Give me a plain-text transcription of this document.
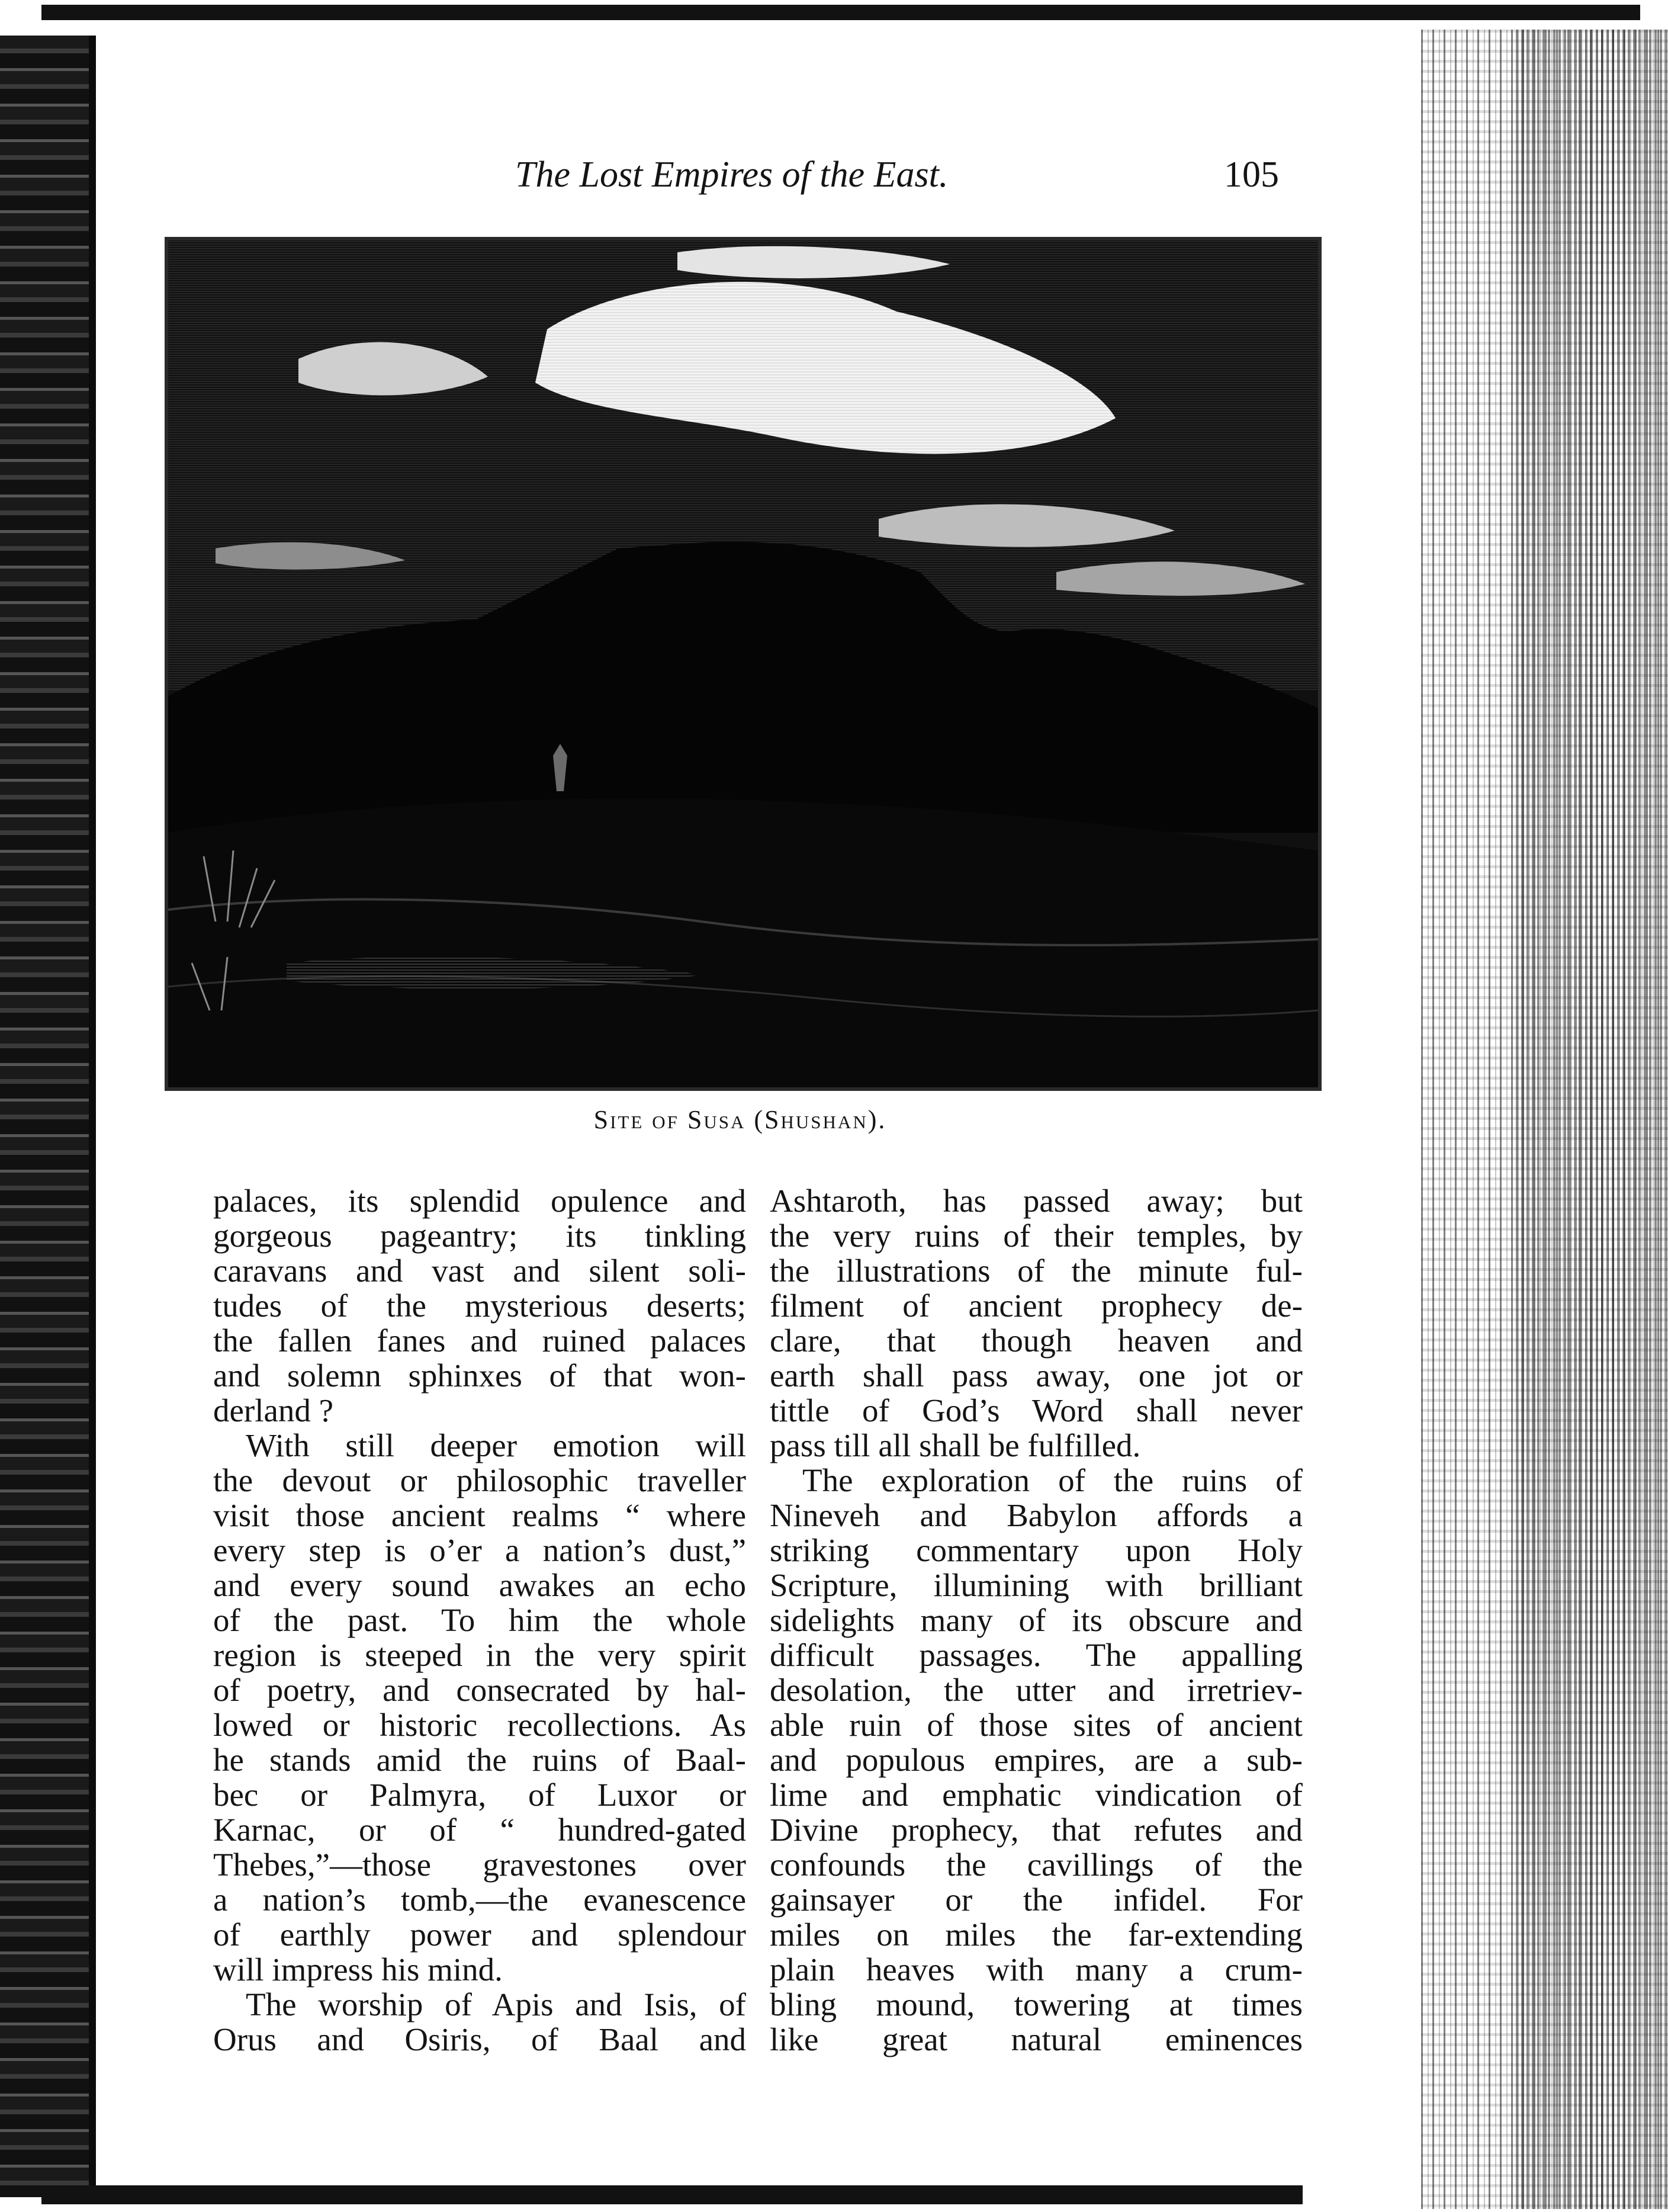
The Lost Empires of the East.	105
Site of Susa (Shushan).
palaces, its splendid opulence and
gorgeous pageantry; its tinkling
caravans and vast and silent soli-
tudes of the mysterious deserts;
the fallen fanes and ruined palaces
and solemn sphinxes of that won-
derland ?
With still deeper emotion will
the devout or philosophic traveller
visit those ancient realms “ where
every step is o’er a nation’s dust,”
and every sound awakes an echo
of the past. To him the whole
region is steeped in the very spirit
of poetry, and consecrated by hal-
lowed or historic recollections. As
he stands amid the ruins of Baal-
bec or Palmyra, of Luxor or
Karnac, or of “ hundred-gated
Thebes,”—those gravestones over
a nation’s tomb,—the evanescence
of earthly power and splendour
will impress his mind.
The worship of Apis and Isis, of
Orus and Osiris, of Baal and
Ashtaroth, has passed away; but
the very ruins of their temples, by
the illustrations of the minute ful-
filment of ancient prophecy de-
clare, that though heaven and
earth shall pass away, one jot or
tittle of God’s Word shall never
pass till all shall be fulfilled.
The exploration of the ruins of
Nineveh and Babylon affords a
striking commentary upon Holy
Scripture, illumining with brilliant
sidelights many of its obscure and
difficult passages. The appalling
desolation, the utter and irretriev-
able ruin of those sites of ancient
and populous empires, are a sub-
lime and emphatic vindication of
Divine prophecy, that refutes and
confounds the cavillings of the
gainsayer or the infidel. For
miles on miles the far-extending
plain heaves with many a crum-
bling mound, towering at times
like great natural eminences
